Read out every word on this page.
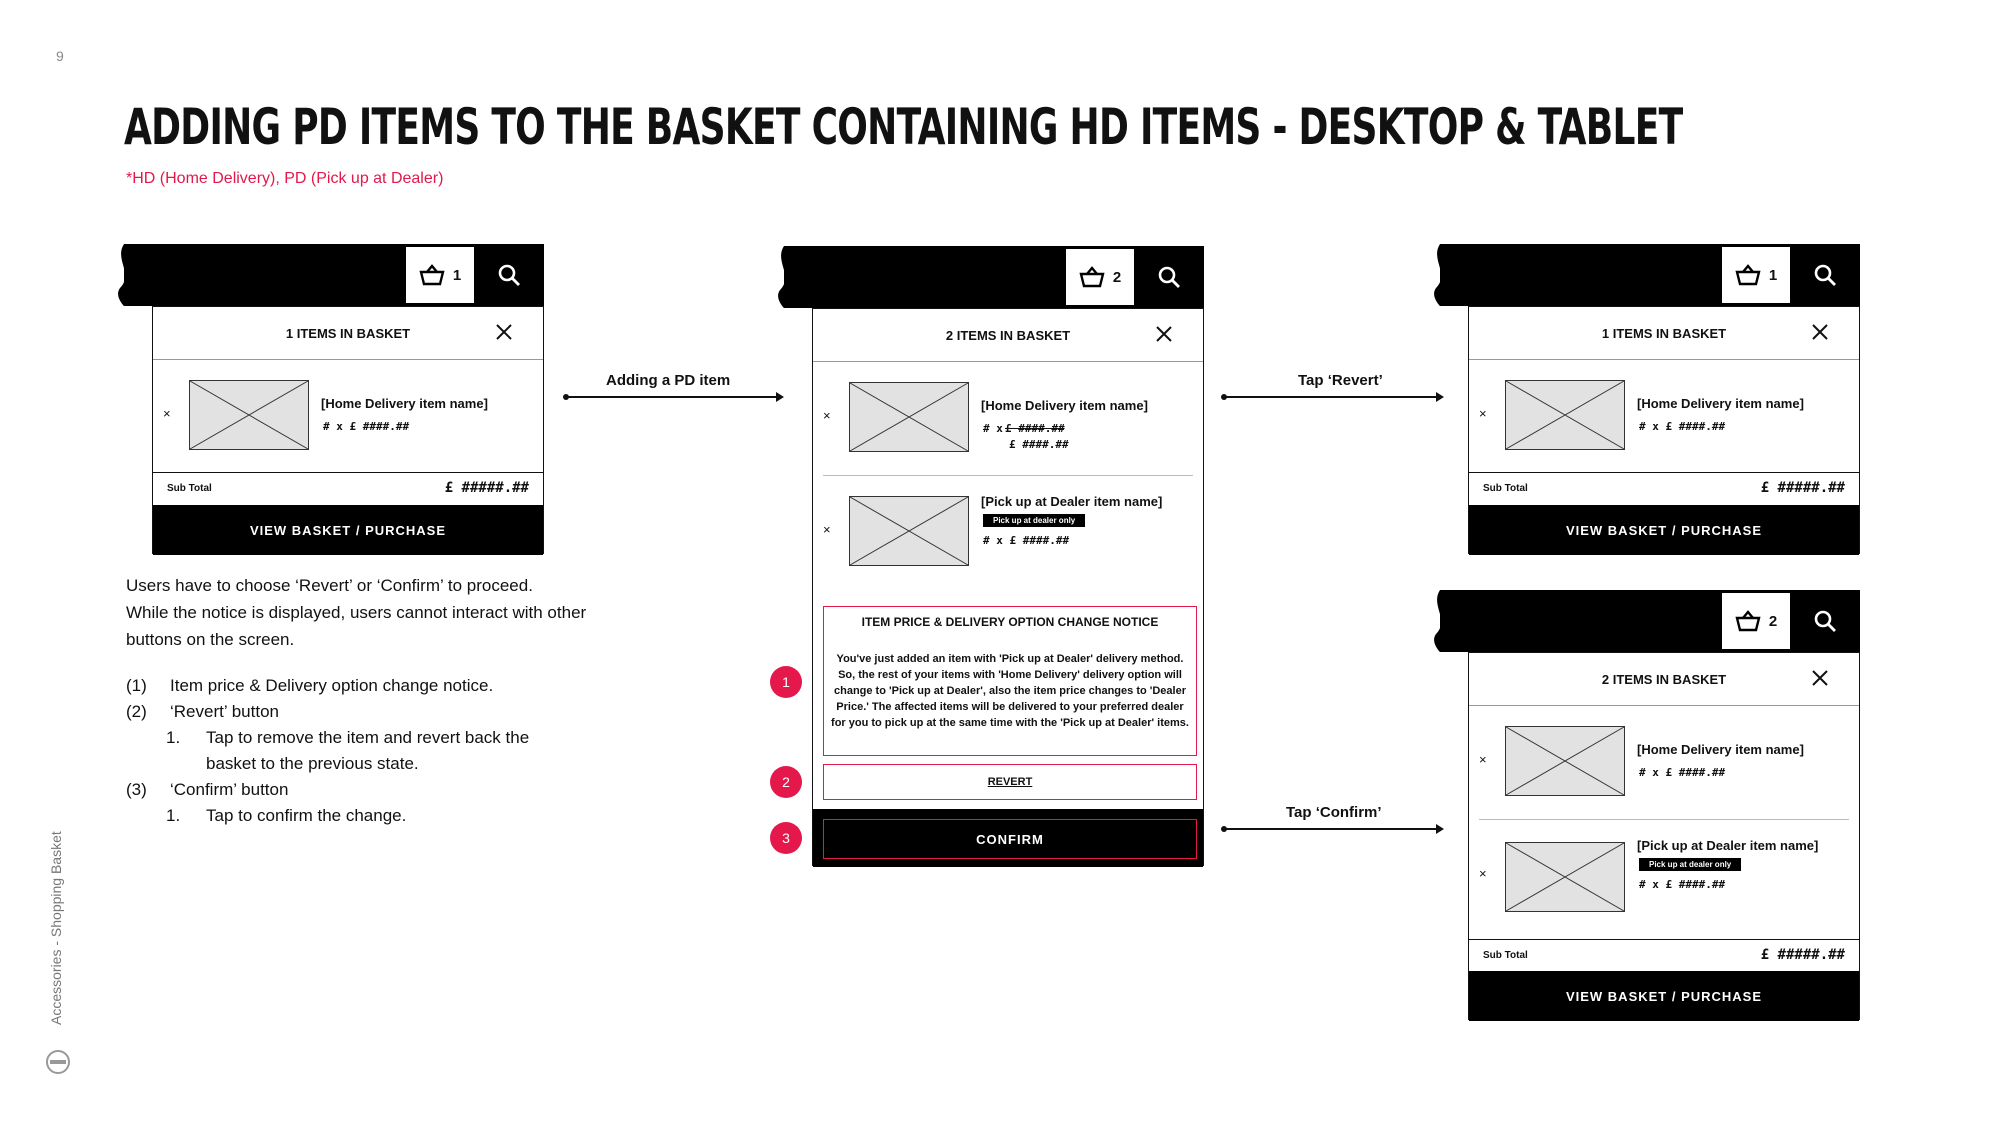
9
ADDING PD ITEMS TO THE BASKET CONTAINING HD ITEMS - DESKTOP & TABLET
*HD (Home Delivery), PD (Pick up at Dealer)
Accessories - Shopping Basket
1
1 ITEMS IN BASKET
×
[Home Delivery item name]
# x £ ####.##
Sub Total	£ #####.##
VIEW BASKET / PURCHASE
2
2 ITEMS IN BASKET
×
[Home Delivery item name]
# x £ ####.##
£ ####.##
×
[Pick up at Dealer item name]
Pick up at dealer only
# x £ ####.##
ITEM PRICE & DELIVERY OPTION CHANGE NOTICE
You've just added an item with 'Pick up at Dealer' delivery method. So, the rest of your items with 'Home Delivery' delivery option will change to 'Pick up at Dealer', also the item price changes to 'Dealer Price.' The affected items will be delivered to your preferred dealer for you to pick up at the same time with the 'Pick up at Dealer' items.
REVERT
CONFIRM
1
2
3
1
1 ITEMS IN BASKET
×
[Home Delivery item name]
# x £ ####.##
Sub Total	£ #####.##
VIEW BASKET / PURCHASE
2
2 ITEMS IN BASKET
×
[Home Delivery item name]
# x £ ####.##
×
[Pick up at Dealer item name]
Pick up at dealer only
# x £ ####.##
Sub Total	£ #####.##
VIEW BASKET / PURCHASE
Adding a PD item	Tap ‘Revert’
Tap ‘Confirm’
Users have to choose ‘Revert’ or ‘Confirm’ to proceed.
While the notice is displayed, users cannot interact with other
buttons on the screen.
(1) Item price & Delivery option change notice.
(2) ‘Revert’ button
1. Tap to remove the item and revert back the
basket to the previous state.
(3) ‘Confirm’ button
1. Tap to confirm the change.
